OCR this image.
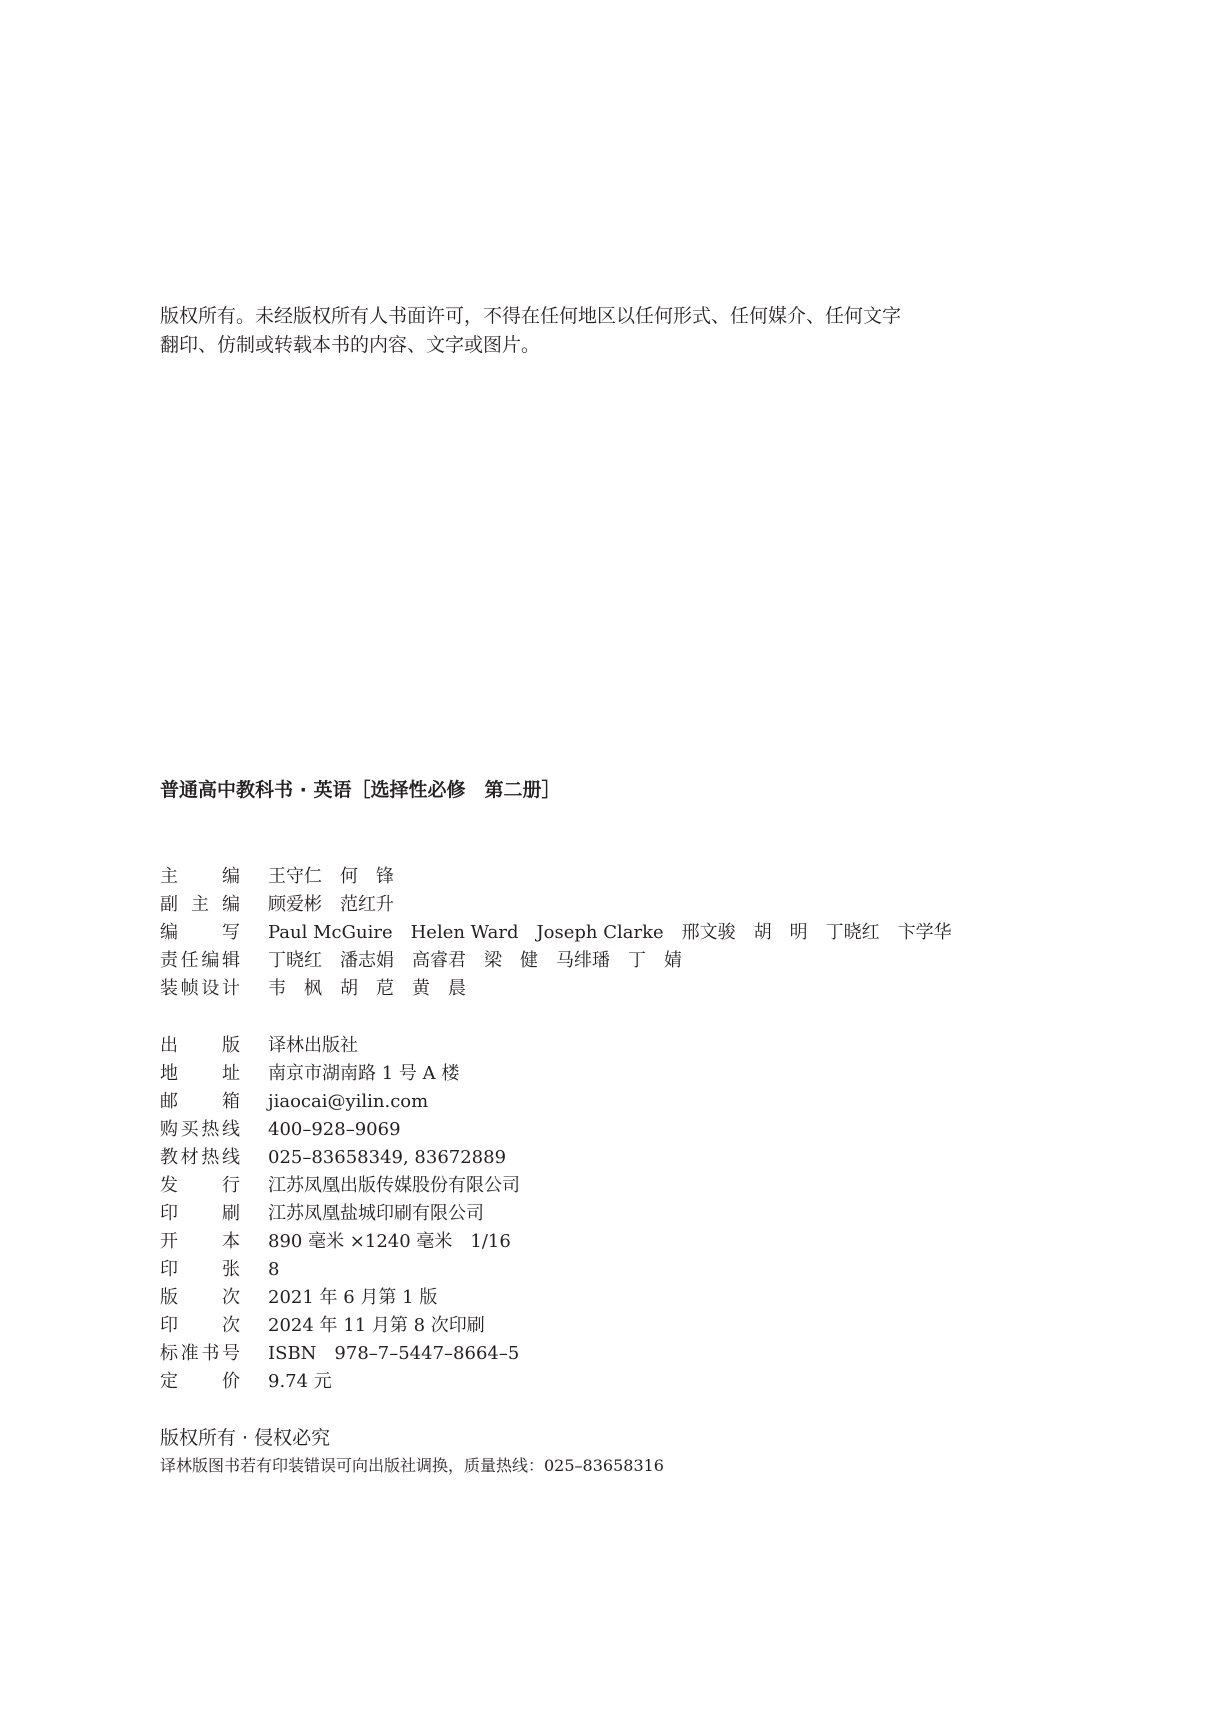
版权所有。未经版权所有人书面许可，不得在任何地区以任何形式、任何媒介、任何文字

翻印、仿制或转载本书的内容、文字或图片。

普通高中教科书 · 英语［选择性必修　第二册］
主 编 王守仁　何　锋
副 主 编 顾爱彬　范红升
编 写 Paul McGuire　Helen Ward　Joseph Clarke　邢文骏　胡　明　丁晓红　卞学华
责 任 编 辑 丁晓红　潘志娟　高睿君　梁　健　马绯璠　丁　婧
装 帧 设 计 韦　枫　胡　苨　黄　晨
出 版 译林出版社
地 址 南京市湖南路 1 号 A 楼
邮 箱 jiaocai@yilin.com
购 买 热 线 400–928–9069
教 材 热 线 025–83658349, 83672889
发 行 江苏凤凰出版传媒股份有限公司
印 刷 江苏凤凰盐城印刷有限公司
开 本 890 毫米 ×1240 毫米　1/16
印 张 8
版 次 2021 年 6 月第 1 版
印 次 2024 年 11 月第 8 次印刷
标 准 书 号 ISBN　978–7–5447–8664–5
定 价 9.74 元
版权所有 · 侵权必究
译林版图书若有印装错误可向出版社调换，质量热线：025–83658316
